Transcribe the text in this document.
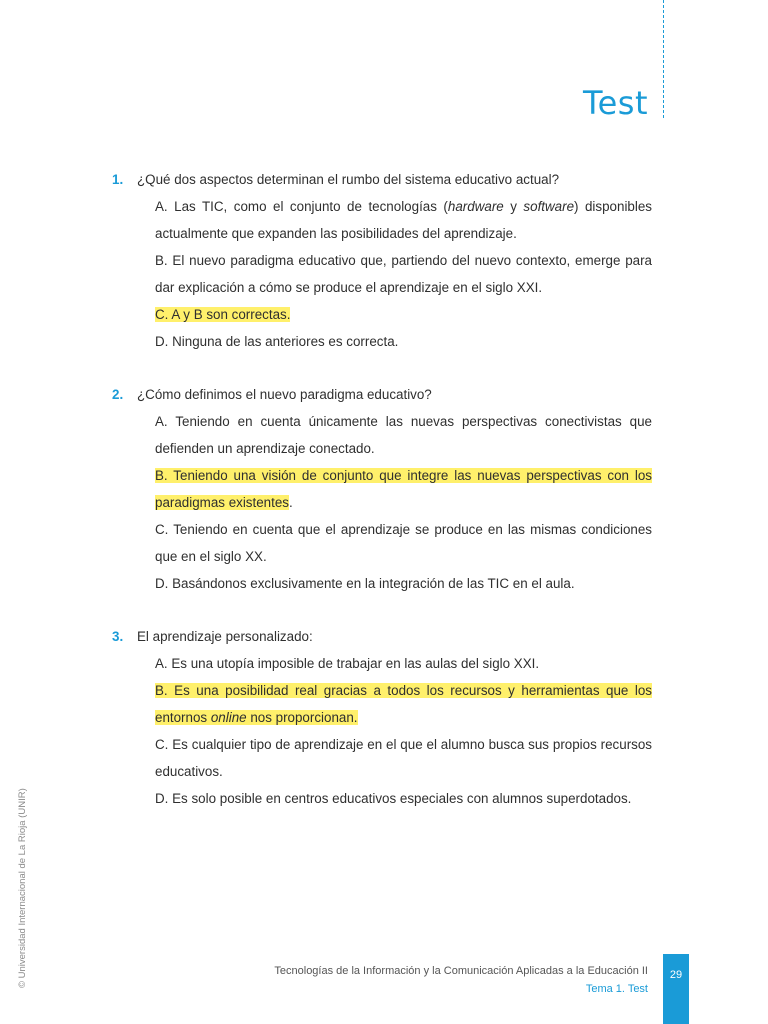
Test
1.	¿Qué dos aspectos determinan el rumbo del sistema educativo actual?
A. Las TIC, como el conjunto de tecnologías (hardware y software) disponibles actualmente que expanden las posibilidades del aprendizaje.
B. El nuevo paradigma educativo que, partiendo del nuevo contexto, emerge para dar explicación a cómo se produce el aprendizaje en el siglo XXI.
C. A y B son correctas.
D. Ninguna de las anteriores es correcta.
2.	¿Cómo definimos el nuevo paradigma educativo?
A. Teniendo en cuenta únicamente las nuevas perspectivas conectivistas que defienden un aprendizaje conectado.
B. Teniendo una visión de conjunto que integre las nuevas perspectivas con los paradigmas existentes.
C. Teniendo en cuenta que el aprendizaje se produce en las mismas condiciones que en el siglo XX.
D. Basándonos exclusivamente en la integración de las TIC en el aula.
3.	El aprendizaje personalizado:
A. Es una utopía imposible de trabajar en las aulas del siglo XXI.
B. Es una posibilidad real gracias a todos los recursos y herramientas que los entornos online nos proporcionan.
C. Es cualquier tipo de aprendizaje en el que el alumno busca sus propios recursos educativos.
D. Es solo posible en centros educativos especiales con alumnos superdotados.
Tecnologías de la Información y la Comunicación Aplicadas a la Educación II
Tema 1. Test
29
© Universidad Internacional de La Rioja (UNIR)
